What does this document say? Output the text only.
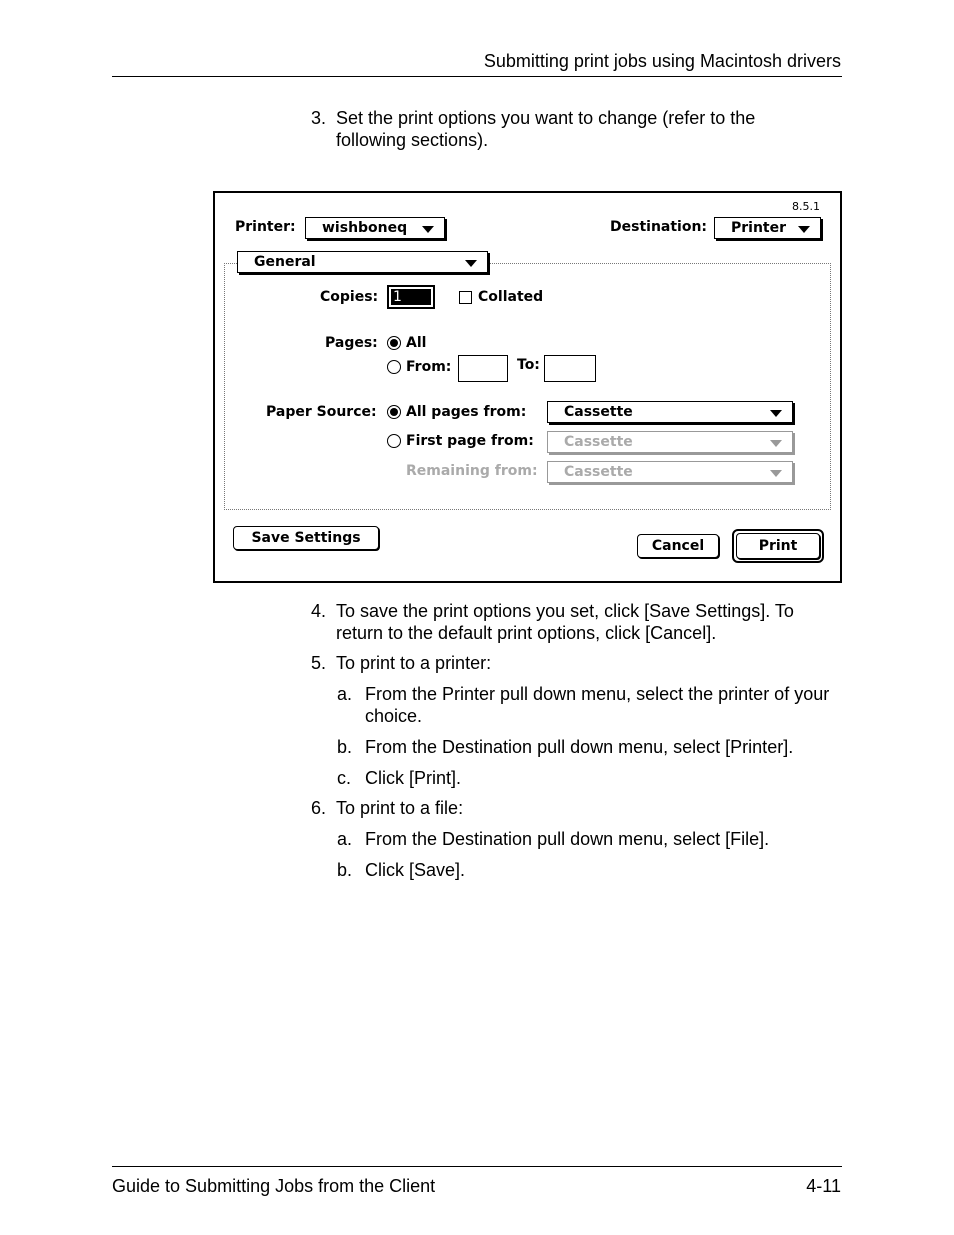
Submitting print jobs using Macintosh drivers
3. Set the print options you want to change (refer to the following sections).
8.5.1
Printer:	wishboneq	Destination:	Printer
General
Copies: 1	Collated
Pages: All
From:	To:
Paper Source: All pages from:	Cassette
First page from:	Cassette
Remaining from:	Cassette
Save Settings	Cancel	Print
4. To save the print options you set, click [Save Settings]. To return to the default print options, click [Cancel].
5. To print to a printer:
a. From the Printer pull down menu, select the printer of your choice.
b. From the Destination pull down menu, select [Printer].
c. Click [Print].
6. To print to a file:
a. From the Destination pull down menu, select [File].
b. Click [Save].
Guide to Submitting Jobs from the Client	4-11
